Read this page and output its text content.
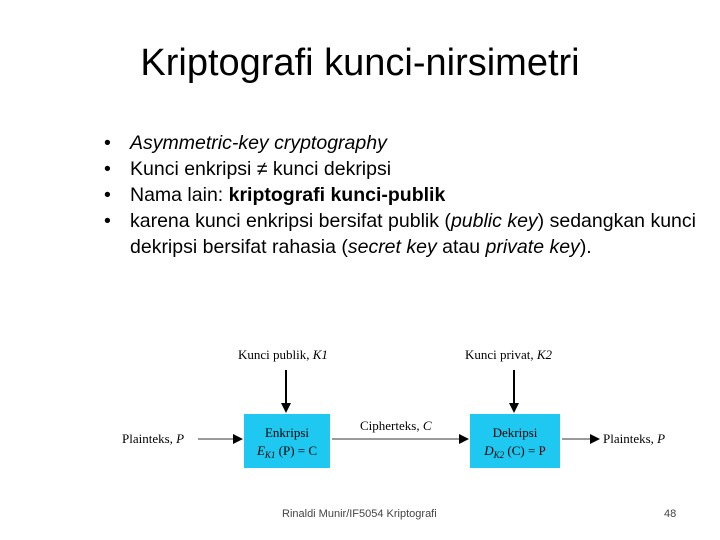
Kriptografi kunci-nirsimetri
• Asymmetric-key cryptography
• Kunci enkripsi ≠ kunci dekripsi
• Nama lain: kriptografi kunci-publik
• karena kunci enkripsi bersifat publik (public key) sedangkan kunci dekripsi bersifat rahasia (secret key atau private key).
Kunci publik, K1	Kunci privat, K2
Plainteks, P	Enkripsi
$E_{K1}$ (P) = C
Cipherteks, C	Dekripsi
$D_{K2}$ (C) = P
Plainteks, P
Rinaldi Munir/IF5054 Kriptografi	48
